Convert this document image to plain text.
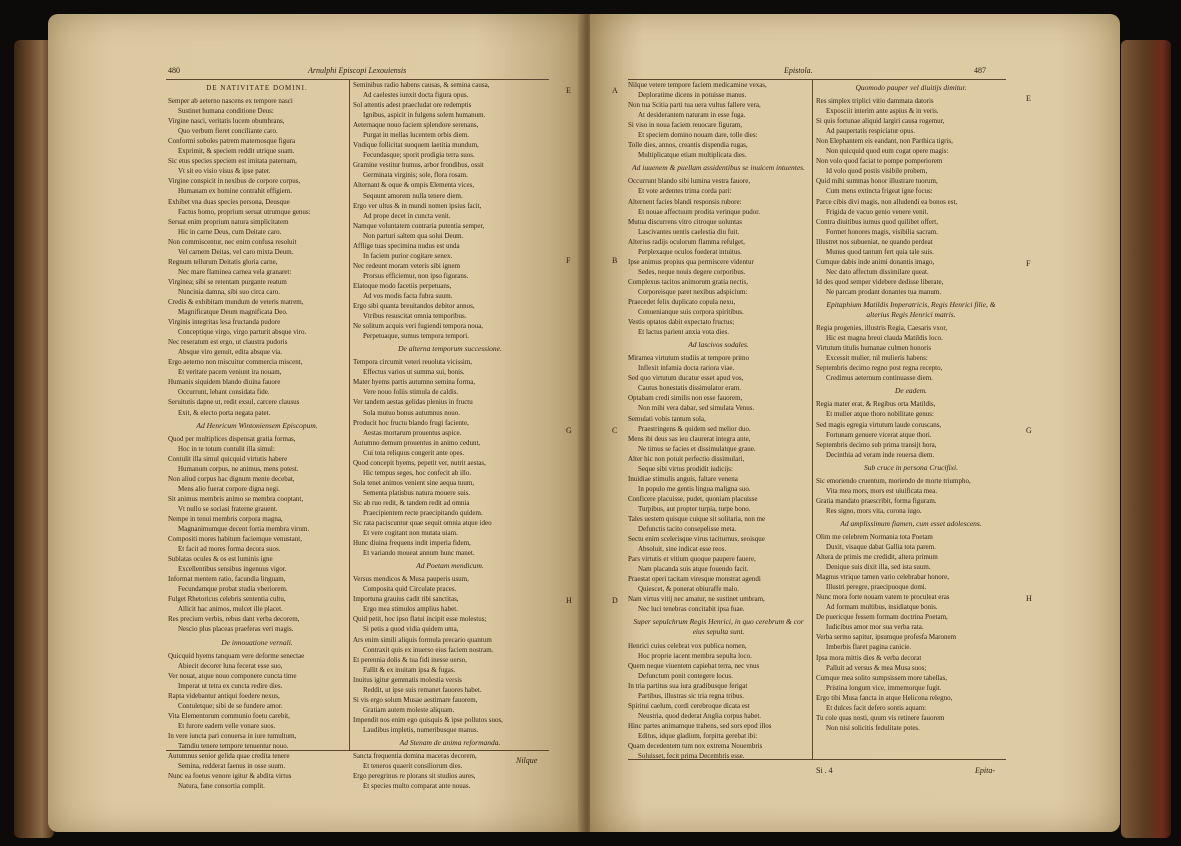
480	Arnulphi Episcopi Lexouiensis
DE NATIVITATE DOMINI.
Semper ab aeterno nascens ex tempore nasci
Sustinet humana conditione Deus:
Virgine nasci, veritatis lucem obumbrans,
Quo verbum fieret conciliante caro.
Conformi soboles patrem maternosque figura
Exprimit, & speciem reddit utrique suam.
Sic etus species speciem est imitata paternam,
Vt sit eo visio visus & ipse pater.
Virgine conspicit in nexibus de corpore corpus,
Humanam ex homine contrahit effigiem.
Exhibet vna duas species persona, Deusque
Factus homo, proprium seruat utrumque genus:
Seruat enim proprium natura simplicitatem
Hic in carne Deus, cum Deitate caro.
Non commiscentur, nec enim confusa resoluit
Vel carnem Deitas, vel caro mixta Deum.
Regnum tellurum Deitatis gloria carne,
Nec mare flaminea carnea vela granaret:
Virginea; sibi se retentam purgante reatum
Nuncinia damna, sibi suo circa caro.
Credis & exhibitam mundum de veteris matrem,
Magnificatque Deum magnificata Deo.
Virginis integritas lesa fructanda pudore
Conceptique virgo, virgo parturit absque viro.
Nec reseratum est ergo, ut claustra pudoris
Absque viro genuit, edita absque via.
Ergo aeterno non miscuitur commercia miscent,
Et veritate pacem veniunt ira nouam,
Humanis siquidem blando diuina fauore
Occurrunt, lebant considata fide.
Seruitutis dapne ut, redit exsul, carcere clausus
Exit, & electo porta negata patet.
Ad Henricum Wintoniensem Episcopum.
Quod per multiplices dispensat gratia formas,
Hoc in te totum contulit illa simul:
Contulit illa simul quicquid virtutis habere
Humanum corpus, ne animus, mens potest.
Non aliud corpus hac dignum mente decebat,
Mens alio fuerat corpore digna negi.
Sit animus membris animo se membra cooptant,
Vt nullo se sociasi fraterne grauent.
Nempe in tenui membris corpora magna,
Magnanimumque decent fortia membra virum.
Compositi mores habitum faciemque venustant,
Et facit ad mores forma decora suos.
Sublatas ocules & os est luminis igne
Excellentibus sensibus ingenuus vigor.
Informat mentem ratio, facundia linguam,
Fecundamque probat studia vberiorem.
Fulget Rhetoricus celebris sententia cultu,
Allicit hac animos, mulcet ille placet.
Res precium verbis, rebus dant verba decorem,
Nescio plus placeas praeferas veri magis.
De innouatione vernali.
Quicquid hyems tanquam vere deforme senectae
Abiecit decorer luna fecerat esse suo,
Ver nouat, atque nouo componere cuncta time
Imperat ut tetra ex cuncta redire dies.
Rapta videbantur antiqui foedere nexus,
Contuletque; sibi de se fundere amor.
Vita Elementorum communio foetu carebit,
Et furore eadem velle vonare suos.
In vere iuncta pari conuersa in iure tumultum,
Tamdiu tenere tempore tenuentur nouo.
Autumnus senior gelida quae credita tenere
Semina, redderat faenus in osse suum.
Nunc ea foetus venore igitur & abdita virtus
Natura, fane consortia complit.
Seminibus radio habens causas, & semina causa,
Ad caelestes iunxit docta figura opus.
Sol attentis adest praecludat ore redemptis
Ignibus, aspicit in fulgens solem humanum.
Aeternaque nouo faciem splendore serenans,
Purgat in mellas lucentem orbis diem.
Vndique follicitat suoquem laetitia mundum,
Fecundasque; sporit prodigia terra suos.
Gramine vestitur humus, arbor frondibus, ossit
Germinata virginis; sole, flora rosam.
Alternant & oque & ompis Elementa vices,
Sequunt amorem nulla tenere diem.
Ergo ver ultus & in mundi nomen ipsius facit,
Ad prope decet in cuncta venit.
Namque voluntatem contraria putentia semper,
Non parturi saltem qua solui Deum.
Afflige tuas specimina nudus est unda
In faciem purior cogitare senex.
Nec redeunt moram veteris sibi ignem
Prorsus efficiemur, non ipso figurans.
Elatoque modo facetiis perpetuans,
Ad vos modis facta fubra suum.
Ergo sibi quanta breuitandos debitor annos,
Vtribus resuscitat omnia temporibus.
Ne solitum acquis veri fugiendi tempora noua,
Perpetuaque, sumus tempora tempori.
De alterna temporum successione.
Tempora circumit veteri reuoluta vicissim,
Effectus varios ut summa sui, bonis.
Mater hyems partis autumno semina forma,
Vere nouo foliis stimula de caldis.
Ver tandem aestas gelidas plenius in fructu
Sola mutuo bonus autumnus nouo.
Producit hoc fructu blando frugi faciente,
Aestas mortarum prouentus aspice.
Autumno demum prouentus in animo cedunt,
Cui tota reliquus congerit ante opes.
Quod concepit hyems, pepetit ver, nutrit aestas,
Hic tempus seges, hoc confecit ab illo.
Sola tenet animos venient sine aequa tuum,
Sementa platisbus natura mouere suis.
Sic ab ruo redit, & tandem redit ad omnia
Praecipientem recte praecipitando quidem.
Sic rata paciscuntur quae sequit omnia atque ideo
Et vere cogitant non mutata uiam.
Hunc diuina frequens indit imperia fidem,
Et variando moueat annum hunc manet.
Ad Poetam mendicum.
Versus mendicos & Musa pauperis usum,
Composita quid Circulate praces.
Importuna grauius cadit tibi sanctitas,
Ergo mea stimulos amplius habet.
Quid petit, hoc ipso flatui incipit esse molestus;
Si petis a quod vidia quidem uma,
Ars enim simili aliquis formula precario quantum
Contraxit quis ex inuerso eius faciem nostram.
Et perennia dolis & tua fidi inesse uerso,
Fallit & ex inuitam ipsa & fugas.
Inuitus igitur gemmatis molestia versis
Reddit, ut ipse suis remanet fauores habet.
Si vis ergo solum Musae aestimare fauorem,
Gratiam autem moleste aliquam.
Impendit nos enim ego quisquis & ipse pollutos suos,
Laudibus impletis, numeribusque manus.
Ad Stenam de anima reformanda.
Sancta frequentia domina maceras decorem,
Et teneros quaerit consiliorum dies.
Ergo peregrinus re plorans sit studios aures,
Et species multo comparat ante nouas.
Nilque
E
F
G
H
Epistola.	487
Nilque vetere tempore faciem medicamine vexas,
Deploratime dicens in potuisse manus.
Non tua Scitia parti tua uera vultus fallere vera,
At desiderantem naturam in esse fuga.
Si viso in noua faciem reuocare figuram,
Et speciem domino nouam dare, tolle dies:
Tolle dies, annos, creantis dispendia rugas,
Multiplicatque etiam multiplicata dies.
Ad iuuenem & puellam assidentibus se inuicem intuentes.
Occurrunt blando sibi lumina vestra fauore,
Et vote ardentes trima corda pari:
Alternent facies blandi responsis rubore:
Et nouae affectuum prodita verinque pudor.
Mutua discurrens vitro citroque uoluntas
Lascivantes uentis caelestia diu fuit.
Alterius radijs oculorum flamma refulget,
Perplexaque oculos foederat intuitus.
Ipse animus propius qua permiscere videntur
Sedes, neque nouis degere corporibus.
Complexus tacitos animorum gratia nectis,
Corporeisque paret nexibus adspicium:
Praecedet felix duplicato copula nexu,
Conuenianque suis corpora spiritibus.
Vestis optatos dabit expectato fructus;
Et lactus parient anxia vota dies.
Ad lascivos sodales.
Miramea virtutum studiis at tempore primo
Inflexit infamia docta rariora viae.
Sed quo virtutum ducatur esset apud vos,
Cautus honestatis dissimulator eram.
Optabam credi similis non esse fauorem,
Non mihi vera dabar, sed simulata Venus.
Semulati vobis tantum sola,
Praestringens & quidem sed melior duo.
Mens ibi deus sas ieu claurerat integra ante,
Ne timus se facies et dissimulatque graue.
Alter hic non potuit perfectio dissimulari,
Seque sibi virtus prodidit iudicijs:
Inuidiae stimulis anguis, faltare venena
In populo me gentis lingua maligna suo.
Conficere placuisse, pudet, quoniam placuisse
Turpibus, aut propter turpia, turpe bono.
Tales uestem quisque cuique sit solitaria, non me
Defunctis tacito consepelisse meta.
Sectu enim scelerisque virus taciturnus, seoisque
Absoluit, sine indicat esse reos.
Pars virtutis et vitium quoque paupere fauere,
Nam placanda suis atque fouendo facit.
Praestat operi tacitam viresque monstrat agendi
Quiescet, & ponerat obiuraffe malo.
Nam virtus vitij nec amatur, ne sustinet umbram,
Nec luci tenebras concitabit ipsa fuae.
Super sepulchrum Regis Henrici, in quo cerebrum & cor eius sepulta sunt.
Henrici cuius celebrat vox publica nomen,
Hoc proprie iacent membra sepulta loco.
Quem neque viuentem capiebat terra, nec vnus
Defunctum ponit contegere locus.
In tria partitus sua iura gradibusque ferigat
Partibus, illustras sic tria regna tribus.
Spiritui caelum, cordi cerebroque dicata est
Neustria, quod dederat Anglia corpus habet.
Hinc partes animamque trahens, sed sors epod illos
Editus, idque gladium, forpitta gerebat ibi:
Quam decedentem tum nox extrema Nouembris
Soluisset, fecit prima Decembris esse.
Quomodo pauper vel diuitijs dimitur.
Res simplex triplici vitio dammata datoris
Exposciit interim ante aspius & in veris.
Si quis fortunae aliquid largiri causa rogemur,
Ad paupertatis respiciatur opus.
Non Elephantem eis eandant, non Parthica tigris,
Non quicquid quod eum cogat opere magis:
Non volo quod faciat te pompe pomperiorem
Id volo quod postis visibile probem,
Quid mihi summas honor illustrare tuorum,
Cum mens extincta frigeat igne focus:
Parce cibis divi magis, non alludendi ea bonos est,
Frigida de vacuo genio venere venit.
Contra diuitibus iumus quod quilibet offert,
Formet honores magis, visibilia sacram.
Illustret nos subueniat, ne quando perdeat
Munus quod tantum fert quia tale suis.
Cumque dabis inde animi donantis imago,
Nec dato affectum dissimilare queat.
Id des quod semper videbere dedisse liberate,
Ne parcam prodant donantes tua manum.
Epitaphium Matildis Imperatricis, Regis Henrici filie, & alterius Regis Henrici matris.
Regia progenies, illustris Regia, Caesaris vxor,
Hic est magna breui clauda Matildis loco.
Virtutum titulis humanae culmen honoris
Excessit mulier, nil mulieris habens:
Septembris decimo regno post regna recepto,
Credimus aeternum continuasse diem.
De eadem.
Regia mater erat, & Regibus orta Matildis,
Et mulier atque thoro nobilitate genus:
Sed magis egregia virtutum laude coruscans,
Fortunam genuere vicerat atque thori.
Septembris decimo sub prima transijt hora,
Decinthia ad veram inde reuersa diem.
Sub cruce in persona Crucifixi.
Sic emoriendo cruentum, moriendo de morte triumpho,
Vita mea mors, mors est uiuificata mea.
Gratia mandato praescribit, forma figuram.
Res signo, mors vita, corona iugo.
Ad amplissimum fiamen, cum esset adolescens.
Olim me celebrem Normania tota Poetam
Duxit, visaque dabat Gallia tota parem.
Altera de primis me credidit, altera primum
Denique suis dixit illa, sed ista suum.
Magnus vtrique tamen vario celebrabar honore,
Illustri peregre, praecipuoque domi.
Nunc mora forte nouam vatem te proculeat eras
Ad formam multibus, insidiatque bonis.
De puericque fessem formam doctrina Poetam,
Iudicibus amor mor sua verba rata.
Verba sermo sapitur, ipsumque profesfa Maronem
Imberbis flaret pagina canicie.
Ipsa mora mittis dies & verba decorat
Palluit ad versus & mea Musa suos;
Cumque mea solito sumpsissem more tabellas,
Pristina longum vice, immemorque fugit.
Ergo tibi Musa fancta in atque Helicona relegno,
Et dulces facit defero sontis aquam:
Tu cole quas nosti, quum vis retinere fauorem
Non nisi solicitis fedulitate potes.
Si . 4	Epita-
A
B
C
D
E
F
G
H
